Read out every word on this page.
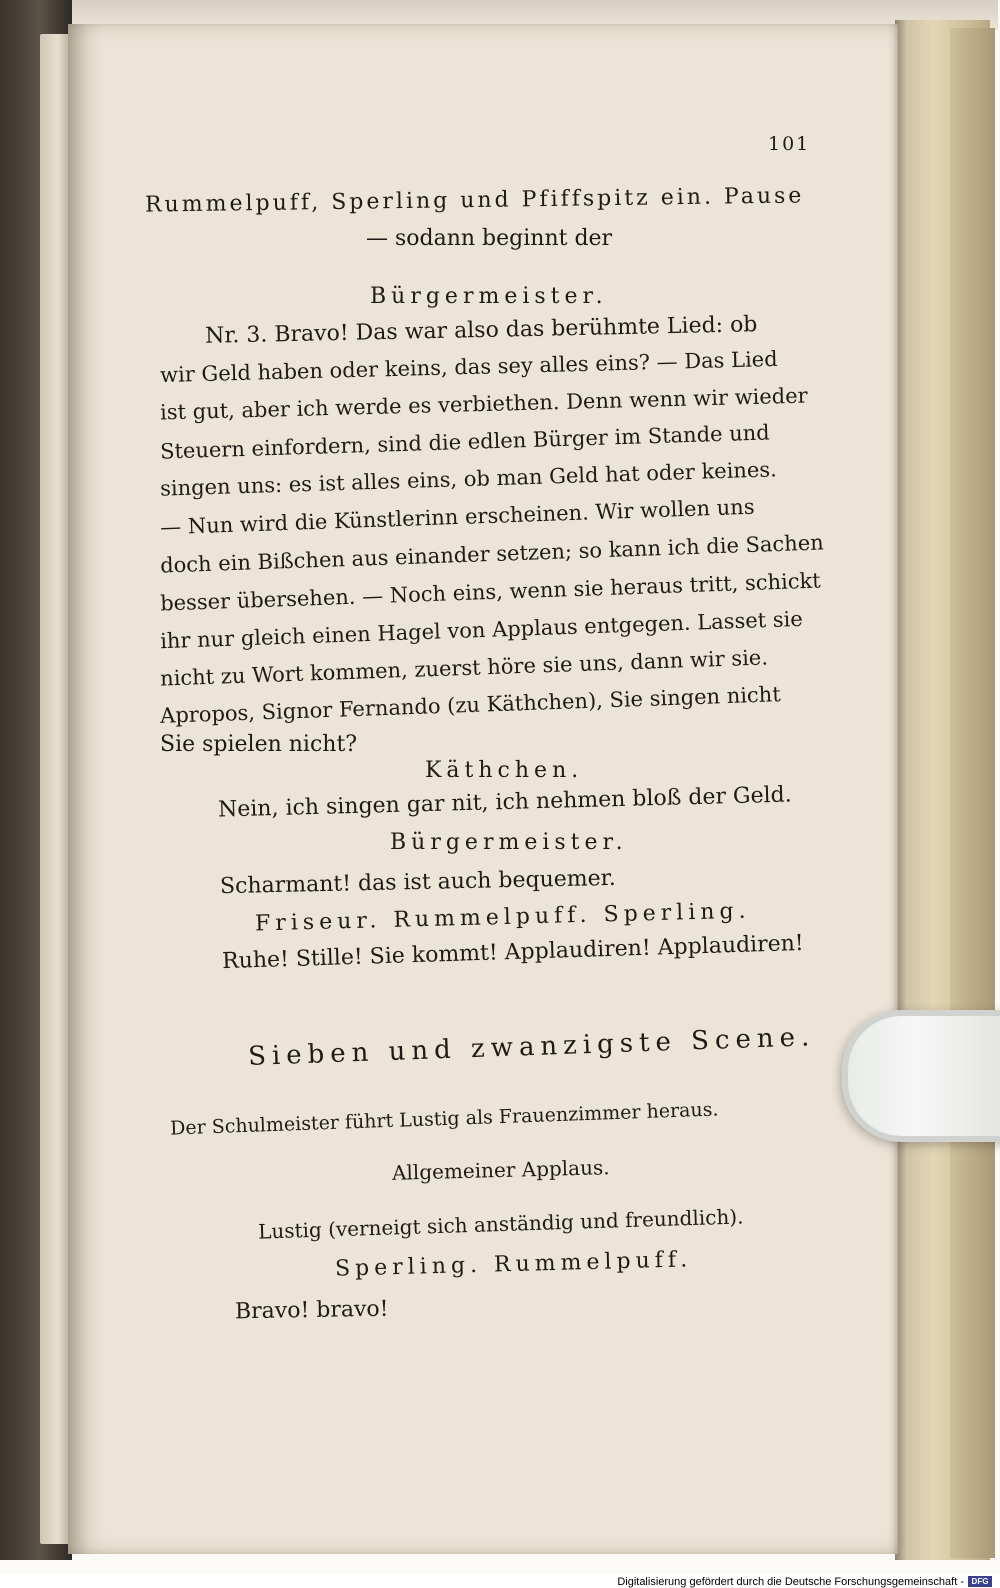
101
Rummelpuff, Sperling und Pfiffspitz ein. Pause
— sodann beginnt der
Bürgermeister.
Nr. 3. Bravo! Das war also das berühmte Lied: ob
wir Geld haben oder keins, das sey alles eins? — Das Lied
ist gut, aber ich werde es verbiethen. Denn wenn wir wieder
Steuern einfordern, sind die edlen Bürger im Stande und
singen uns: es ist alles eins, ob man Geld hat oder keines.
— Nun wird die Künstlerinn erscheinen. Wir wollen uns
doch ein Bißchen aus einander setzen; so kann ich die Sachen
besser übersehen. — Noch eins, wenn sie heraus tritt, schickt
ihr nur gleich einen Hagel von Applaus entgegen. Lasset sie
nicht zu Wort kommen, zuerst höre sie uns, dann wir sie.
Apropos, Signor Fernando (zu Käthchen), Sie singen nicht
Sie spielen nicht?
Käthchen.
Nein, ich singen gar nit, ich nehmen bloß der Geld.
Bürgermeister.
Scharmant! das ist auch bequemer.
Friseur. Rummelpuff. Sperling.
Ruhe! Stille! Sie kommt! Applaudiren! Applaudiren!
Sieben und zwanzigste Scene.
Der Schulmeister führt Lustig als Frauenzimmer heraus.
Allgemeiner Applaus.
Lustig (verneigt sich anständig und freundlich).
Sperling. Rummelpuff.
Bravo! bravo!
Digitalisierung gefördert durch die Deutsche Forschungsgemeinschaft - DFG
